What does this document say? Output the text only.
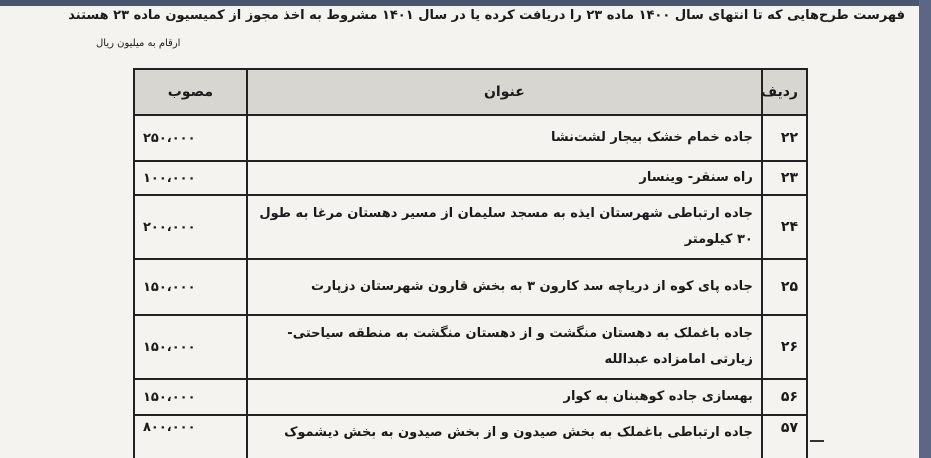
فهرست طرح‌هایی که تا انتهای سال ۱۴۰۰ ماده ۲۳ را دریافت کرده یا در سال ۱۴۰۱ مشروط به اخذ مجوز از کمیسیون ماده ۲۳ هستند
ارقام به میلیون ریال
ردیف	عنوان	مصوب
۲۲	جاده خمام خشک بیجار لشت‌نشا	۲۵۰،۰۰۰
۲۳	راه سنقر- وینسار	۱۰۰،۰۰۰
۲۴	جاده ارتباطی شهرستان ایذه به مسجد سلیمان از مسیر دهستان مرغا به طول ۳۰ کیلومتر	۲۰۰،۰۰۰
۲۵	جاده پای کوه از دریاچه سد کارون ۳ به بخش قارون شهرستان دزپارت	۱۵۰،۰۰۰
۲۶	جاده باغملک به دهستان منگشت و از دهستان منگشت به منطقه سیاحتی- زیارتی امامزاده عبدالله	۱۵۰،۰۰۰
۵۶	بهسازی جاده کوهبنان به کوار	۱۵۰،۰۰۰
۵۷	جاده ارتباطی باغملک به بخش صیدون و از بخش صیدون به بخش دیشموک	۸۰۰،۰۰۰
